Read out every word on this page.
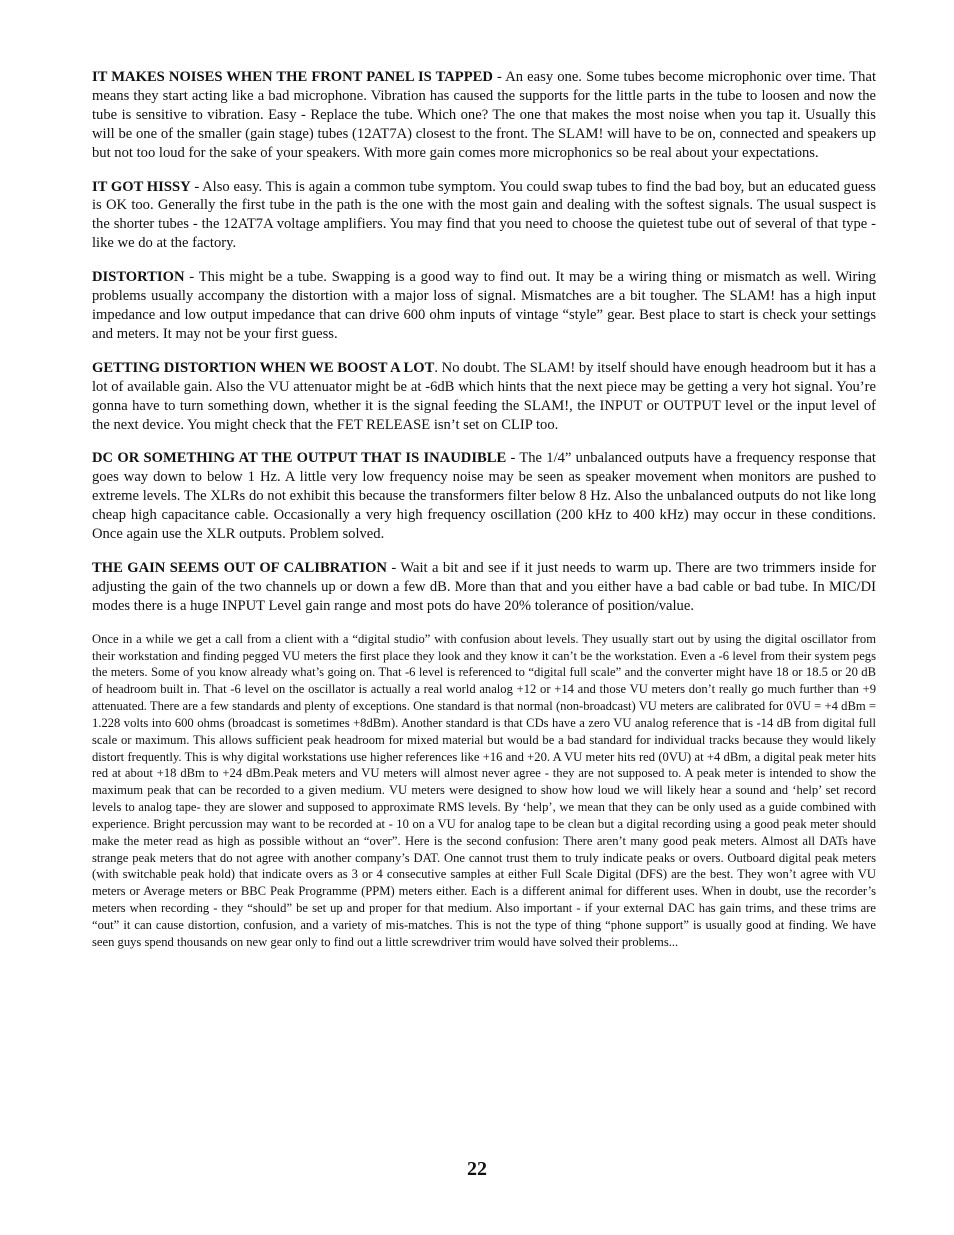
IT MAKES NOISES WHEN THE FRONT PANEL IS TAPPED - An easy one. Some tubes become microphonic over time. That means they start acting like a bad microphone. Vibration has caused the supports for the little parts in the tube to loosen and now the tube is sensitive to vibration. Easy - Replace the tube. Which one? The one that makes the most noise when you tap it. Usually this will be one of the smaller (gain stage) tubes (12AT7A) closest to the front. The SLAM! will have to be on, connected and speakers up but not too loud for the sake of your speakers. With more gain comes more microphonics so be real about your expectations.

IT GOT HISSY - Also easy. This is again a common tube symptom. You could swap tubes to find the bad boy, but an educated guess is OK too. Generally the first tube in the path is the one with the most gain and dealing with the softest signals. The usual suspect is the shorter tubes - the 12AT7A voltage amplifiers. You may find that you need to choose the quietest tube out of several of that type - like we do at the factory.

DISTORTION - This might be a tube. Swapping is a good way to find out. It may be a wiring thing or mismatch as well. Wiring problems usually accompany the distortion with a major loss of signal. Mismatches are a bit tougher. The SLAM! has a high input impedance and low output impedance that can drive 600 ohm inputs of vintage “style” gear. Best place to start is check your settings and meters. It may not be your first guess.

GETTING DISTORTION WHEN WE BOOST A LOT. No doubt. The SLAM! by itself should have enough headroom but it has a lot of available gain. Also the VU attenuator might be at -6dB which hints that the next piece may be getting a very hot signal. You’re gonna have to turn something down, whether it is the signal feeding the SLAM!, the INPUT or OUTPUT level or the input level of the next device. You might check that the FET RELEASE isn’t set on CLIP too.

DC OR SOMETHING AT THE OUTPUT THAT IS INAUDIBLE - The 1/4” unbalanced outputs have a frequency response that goes way down to below 1 Hz. A little very low frequency noise may be seen as speaker movement when monitors are pushed to extreme levels. The XLRs do not exhibit this because the transformers filter below 8 Hz. Also the unbalanced outputs do not like long cheap high capacitance cable. Occasionally a very high frequency oscillation (200 kHz to 400 kHz) may occur in these conditions. Once again use the XLR outputs. Problem solved.

THE GAIN SEEMS OUT OF CALIBRATION - Wait a bit and see if it just needs to warm up. There are two trimmers inside for adjusting the gain of the two channels up or down a few dB. More than that and you either have a bad cable or bad tube. In MIC/DI modes there is a huge INPUT Level gain range and most pots do have 20% tolerance of position/value.

Once in a while we get a call from a client with a “digital studio” with confusion about levels. They usually start out by using the digital oscillator from their workstation and finding pegged VU meters the first place they look and they know it can’t be the workstation. Even a -6 level from their system pegs the meters. Some of you know already what’s going on. That -6 level is referenced to “digital full scale” and the converter might have 18 or 18.5 or 20 dB of headroom built in. That -6 level on the oscillator is actually a real world analog +12 or +14 and those VU meters don’t really go much further than +9 attenuated. There are a few standards and plenty of exceptions. One standard is that normal (non-broadcast) VU meters are calibrated for 0VU = +4 dBm = 1.228 volts into 600 ohms (broadcast is sometimes +8dBm). Another standard is that CDs have a zero VU analog reference that is -14 dB from digital full scale or maximum. This allows sufficient peak headroom for mixed material but would be a bad standard for individual tracks because they would likely distort frequently. This is why digital workstations use higher references like +16 and +20. A VU meter hits red (0VU) at +4 dBm, a digital peak meter hits red at about +18 dBm to +24 dBm.Peak meters and VU meters will almost never agree - they are not supposed to. A peak meter is intended to show the maximum peak that can be recorded to a given medium. VU meters were designed to show how loud we will likely hear a sound and ‘help’ set record levels to analog tape- they are slower and supposed to approximate RMS levels. By ‘help’, we mean that they can be only used as a guide combined with experience. Bright percussion may want to be recorded at - 10 on a VU for analog tape to be clean but a digital recording using a good peak meter should make the meter read as high as possible without an “over”. Here is the second confusion: There aren’t many good peak meters. Almost all DATs have strange peak meters that do not agree with another company’s DAT. One cannot trust them to truly indicate peaks or overs. Outboard digital peak meters (with switchable peak hold) that indicate overs as 3 or 4 consecutive samples at either Full Scale Digital (DFS) are the best. They won’t agree with VU meters or Average meters or BBC Peak Programme (PPM) meters either. Each is a different animal for different uses. When in doubt, use the recorder’s meters when recording - they “should” be set up and proper for that medium. Also important - if your external DAC has gain trims, and these trims are “out” it can cause distortion, confusion, and a variety of mis-matches. This is not the type of thing “phone support” is usually good at finding. We have seen guys spend thousands on new gear only to find out a little screwdriver trim would have solved their problems...

22
